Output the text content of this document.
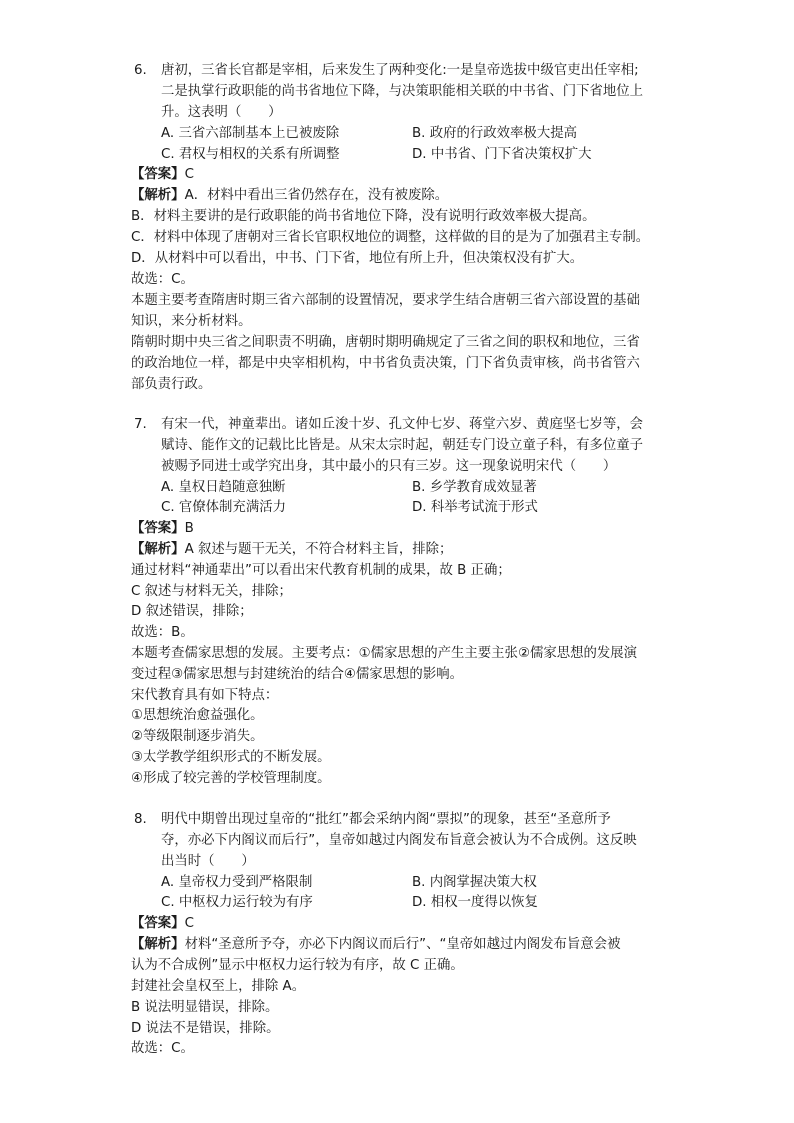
6. 唐初，三省长官都是宰相，后来发生了两种变化:一是皇帝选拔中级官吏出任宰相;
二是执掌行政职能的尚书省地位下降，与决策职能相关联的中书省、门下省地位上
升。这表明（　　）
A. 三省六部制基本上已被废除	B. 政府的行政效率极大提高
C. 君权与相权的关系有所调整	D. 中书省、门下省决策权扩大
【答案】C
【解析】A．材料中看出三省仍然存在，没有被废除。
B．材料主要讲的是行政职能的尚书省地位下降，没有说明行政效率极大提高。
C．材料中体现了唐朝对三省长官职权地位的调整，这样做的目的是为了加强君主专制。
D．从材料中可以看出，中书、门下省，地位有所上升，但决策权没有扩大。
故选：C。
本题主要考查隋唐时期三省六部制的设置情况，要求学生结合唐朝三省六部设置的基础
知识，来分析材料。
隋朝时期中央三省之间职责不明确，唐朝时期明确规定了三省之间的职权和地位，三省
的政治地位一样，都是中央宰相机构，中书省负责决策，门下省负责审核，尚书省管六
部负责行政。
7. 有宋一代，神童辈出。诸如丘浚十岁、孔文仲七岁、蒋堂六岁、黄庭坚七岁等，会
赋诗、能作文的记载比比皆是。从宋太宗时起，朝廷专门设立童子科，有多位童子
被赐予同进士或学究出身，其中最小的只有三岁。这一现象说明宋代（　　）
A. 皇权日趋随意独断	B. 乡学教育成效显著
C. 官僚体制充满活力	D. 科举考试流于形式
【答案】B
【解析】A 叙述与题干无关，不符合材料主旨，排除；
通过材料“神通辈出”可以看出宋代教育机制的成果，故 B 正确；
C 叙述与材料无关，排除；
D 叙述错误，排除；
故选：B。
本题考查儒家思想的发展。主要考点：①儒家思想的产生主要主张②儒家思想的发展演
变过程③儒家思想与封建统治的结合④儒家思想的影响。
宋代教育具有如下特点：
①思想统治愈益强化。
②等级限制逐步消失。
③太学教学组织形式的不断发展。
④形成了较完善的学校管理制度。
8. 明代中期曾出现过皇帝的“批红”都会采纳内阁“票拟”的现象，甚至“圣意所予
夺，亦必下内阁议而后行”，皇帝如越过内阁发布旨意会被认为不合成例。这反映
出当时（　　）
A. 皇帝权力受到严格限制	B. 内阁掌握决策大权
C. 中枢权力运行较为有序	D. 相权一度得以恢复
【答案】C
【解析】材料“圣意所予夺，亦必下内阁议而后行”、“皇帝如越过内阁发布旨意会被
认为不合成例”显示中枢权力运行较为有序，故 C 正确。
封建社会皇权至上，排除 A。
B 说法明显错误，排除。
D 说法不是错误，排除。
故选：C。
